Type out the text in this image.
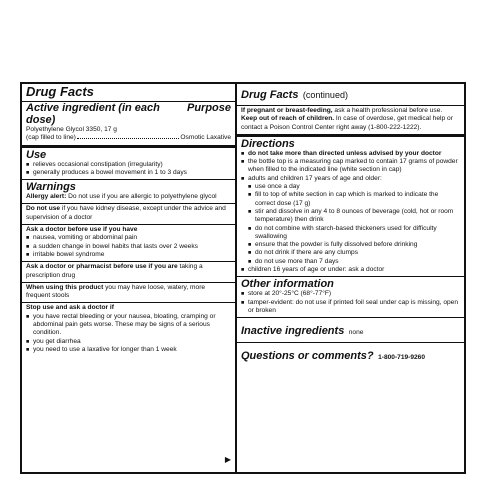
Drug Facts
Active ingredient (in each dose)
Purpose
Polyethylene Glycol 3350, 17 g
(cap filled to line)	Osmotic Laxative
Use
■ relieves occasional constipation (irregularity)
■ generally produces a bowel movement in 1 to 3 days
Warnings
Allergy alert: Do not use if you are allergic to polyethylene glycol
Do not use if you have kidney disease, except under the advice and supervision of a doctor
Ask a doctor before use if you have
■ nausea, vomiting or abdominal pain
■ a sudden change in bowel habits that lasts over 2 weeks
■ irritable bowel syndrome
Ask a doctor or pharmacist before use if you are taking a prescription drug
When using this product you may have loose, watery, more frequent stools
Stop use and ask a doctor if
■ you have rectal bleeding or your nausea, bloating, cramping or abdominal pain gets worse. These may be signs of a serious condition.
■ you get diarrhea
■ you need to use a laxative for longer than 1 week
▶
Drug Facts (continued)
If pregnant or breast-feeding, ask a health professional before use.
Keep out of reach of children. In case of overdose, get medical help or contact a Poison Control Center right away (1-800-222-1222).
Directions
■ do not take more than directed unless advised by your doctor
■ the bottle top is a measuring cap marked to contain 17 grams of powder when filled to the indicated line (white section in cap)
■ adults and children 17 years of age and older:
■ use once a day
■ fill to top of white section in cap which is marked to indicate the correct dose (17 g)
■ stir and dissolve in any 4 to 8 ounces of beverage (cold, hot or room temperature) then drink
■ do not combine with starch-based thickeners used for difficulty swallowing
■ ensure that the powder is fully dissolved before drinking
■ do not drink if there are any clumps
■ do not use more than 7 days
■ children 16 years of age or under: ask a doctor
Other information
■ store at 20°-25°C (68°-77°F)
■ tamper-evident: do not use if printed foil seal under cap is missing, open or broken
Inactive ingredients none
Questions or comments? 1-800-719-9260
